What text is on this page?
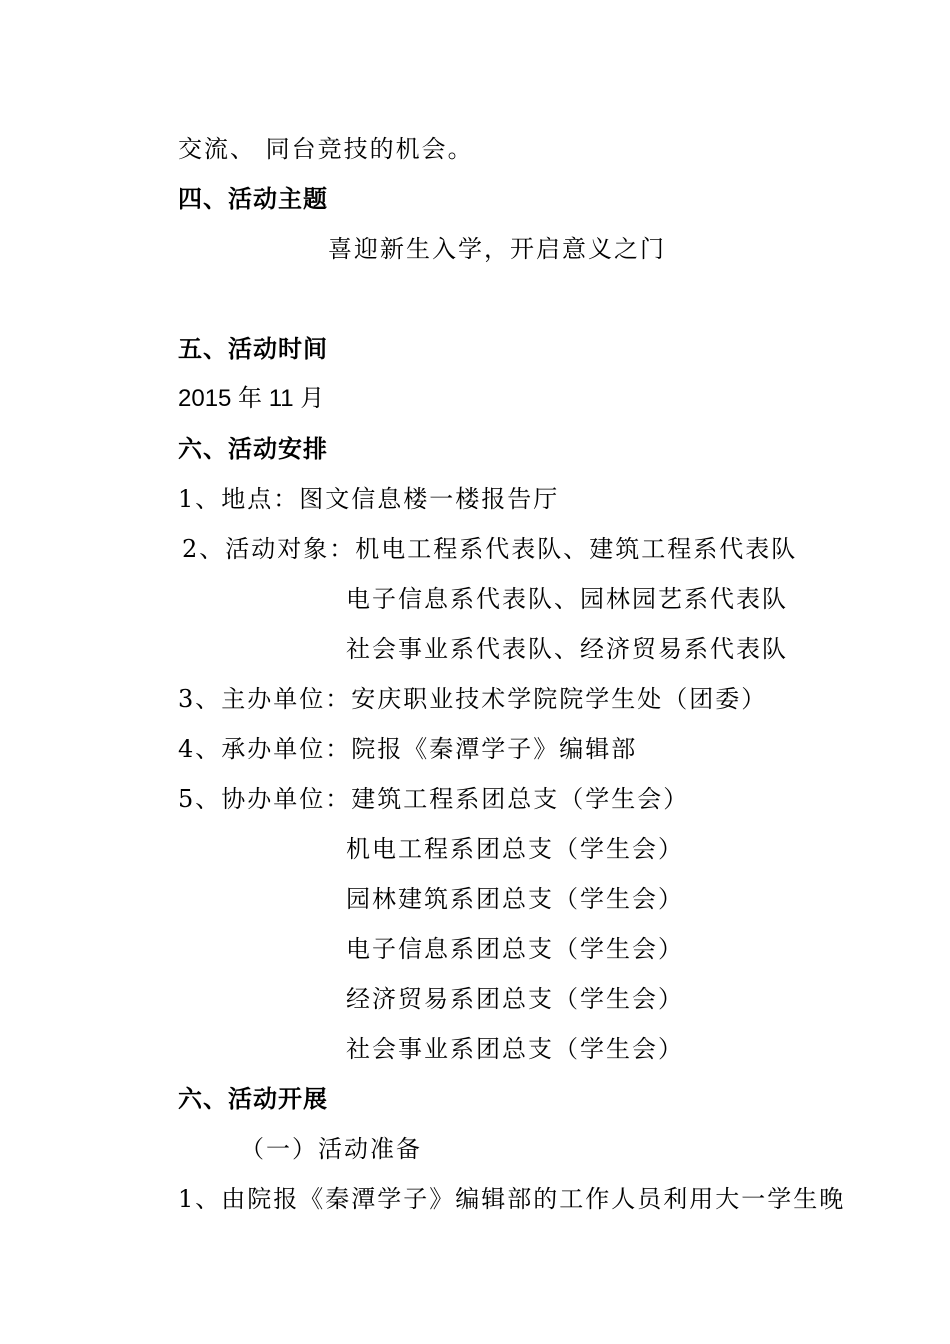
交流、 同台竞技的机会。
四、活动主题
喜迎新生入学，开启意义之门
五、活动时间
2015 年 11 月
六、活动安排
1、地点：图文信息楼一楼报告厅
2、活动对象：机电工程系代表队、建筑工程系代表队
电子信息系代表队、园林园艺系代表队
社会事业系代表队、经济贸易系代表队
3、主办单位：安庆职业技术学院院学生处（团委）
4、承办单位：院报《秦潭学子》编辑部
5、协办单位：建筑工程系团总支（学生会）
机电工程系团总支（学生会）
园林建筑系团总支（学生会）
电子信息系团总支（学生会）
经济贸易系团总支（学生会）
社会事业系团总支（学生会）
六、活动开展
（一）活动准备
1、由院报《秦潭学子》编辑部的工作人员利用大一学生晚
